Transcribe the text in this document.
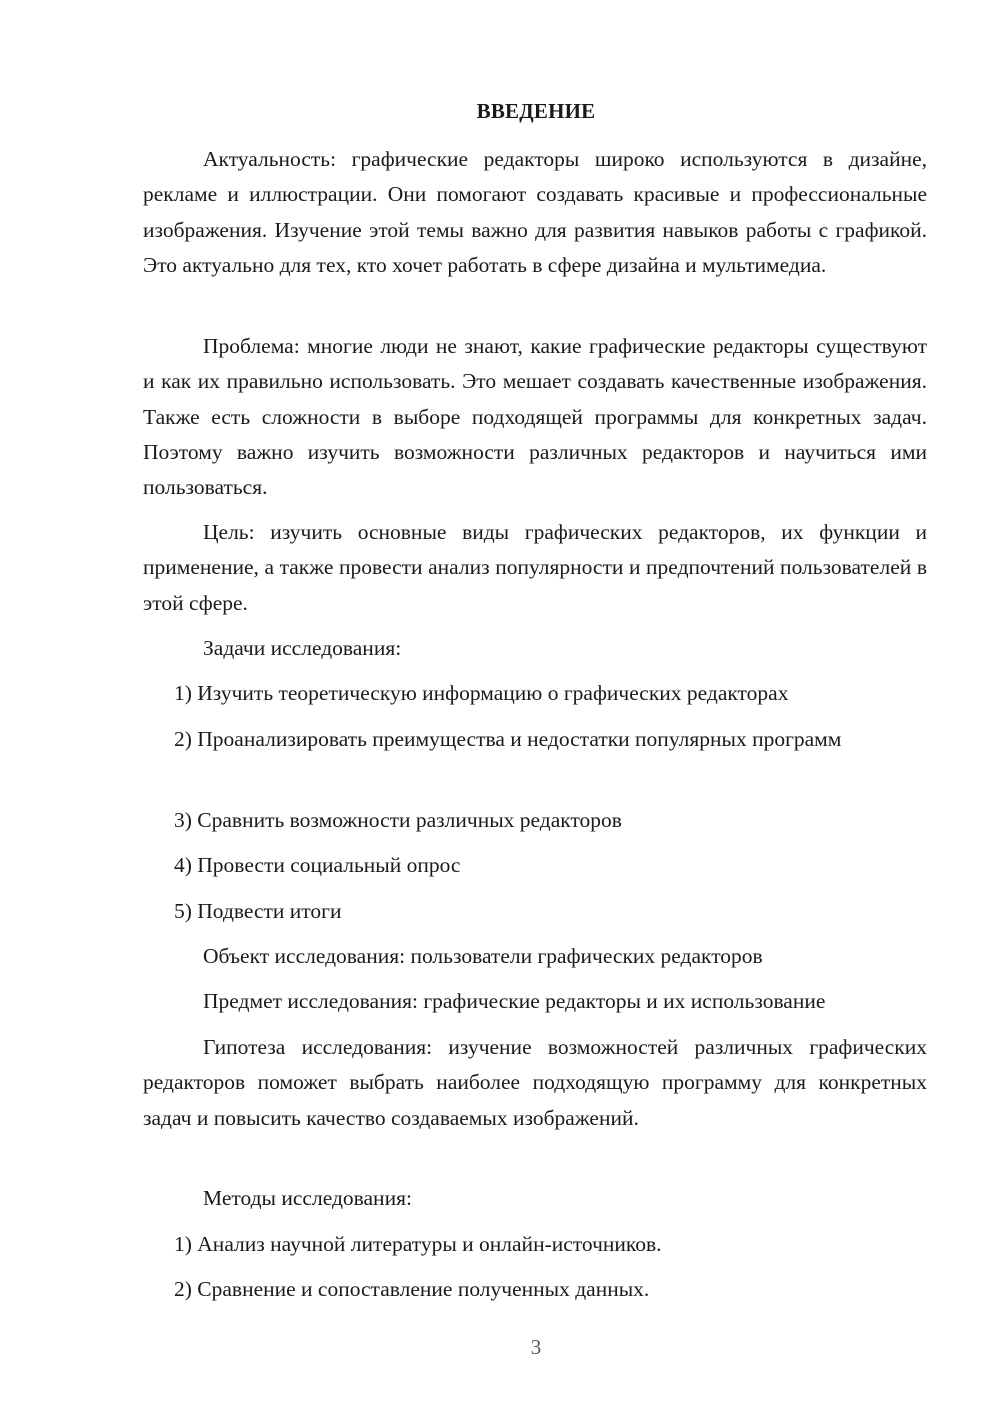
ВВЕДЕНИЕ

Актуальность: графические редакторы широко используются в дизайне, рекламе и иллюстрации. Они помогают создавать красивые и профессиональные изображения. Изучение этой темы важно для развития навыков работы с графикой. Это актуально для тех, кто хочет работать в сфере дизайна и мультимедиа.

Проблема: многие люди не знают, какие графические редакторы существуют и как их правильно использовать. Это мешает создавать качественные изображения. Также есть сложности в выборе подходящей программы для конкретных задач. Поэтому важно изучить возможности различных редакторов и научиться ими пользоваться.

Цель: изучить основные виды графических редакторов, их функции и применение, а также провести анализ популярности и предпочтений пользователей в этой сфере.

Задачи исследования:

1) Изучить теоретическую информацию о графических редакторах

2) Проанализировать преимущества и недостатки популярных программ

3) Сравнить возможности различных редакторов

4) Провести социальный опрос

5) Подвести итоги

Объект исследования: пользователи графических редакторов

Предмет исследования: графические редакторы и их использование

Гипотеза исследования: изучение возможностей различных графических редакторов поможет выбрать наиболее подходящую программу для конкретных задач и повысить качество создаваемых изображений.

Методы исследования:

1) Анализ научной литературы и онлайн-источников.

2) Сравнение и сопоставление полученных данных.

3
